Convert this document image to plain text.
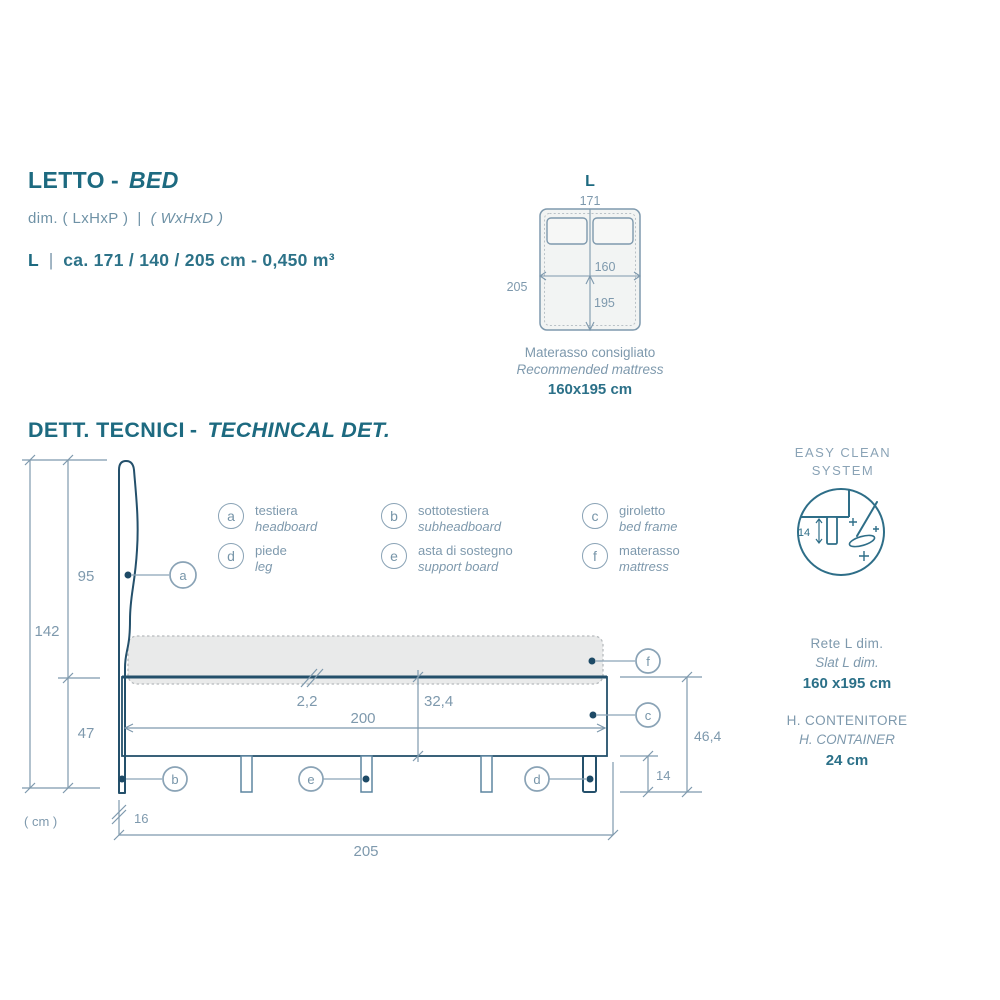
LETTO - BED
dim. ( LxHxP ) | ( WxHxD )
L | ca. 171 / 140 / 205 cm - 0,450 m³
L
171
160
195
205
Materasso consigliato
Recommended mattress
160x195 cm
DETT. TECNICI - TECHINCAL DET.
a	testiera
headboard
b	sottotestiera
subheadboard
c	giroletto
bed frame
d	piede
leg
e	asta di sostegno
support board
f	materasso
mattress
EASY CLEAN
SYSTEM
14
95
142
47
( cm )
2,2	32,4
200
46,4
14
16
205
a
f
c
b	e	d
Rete L dim.
Slat L dim.
160 x195 cm
H. CONTENITORE
H. CONTAINER
24 cm
